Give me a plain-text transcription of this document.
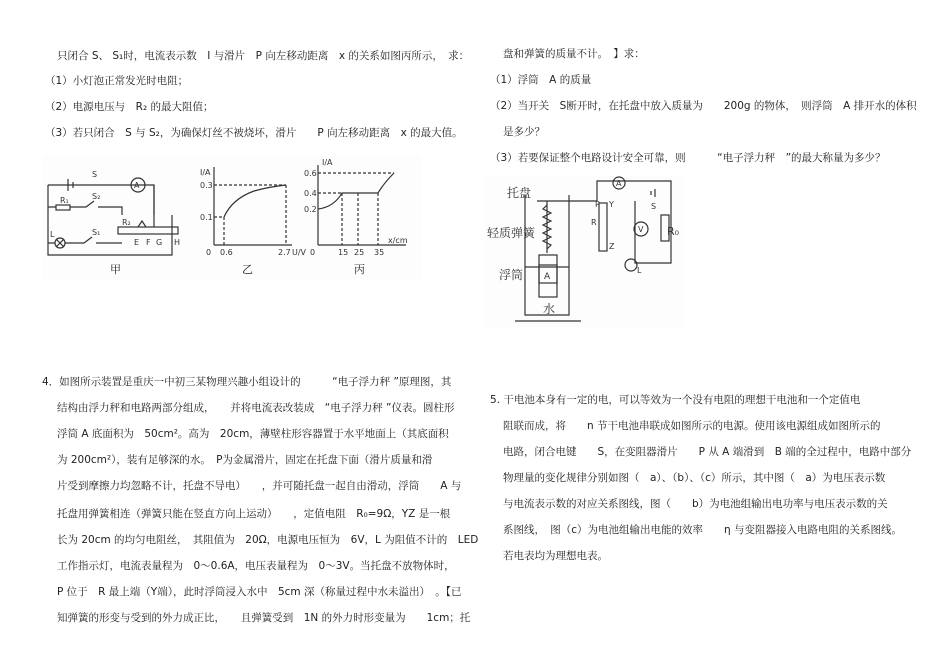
只闭合 S、 S₁时，电流表示数　I 与滑片　P 向左移动距离　x 的关系如图丙所示，　求：
（1）小灯泡正常发光时电阻；
（2）电源电压与　R₂ 的最大阻值；
（3）若只闭合　S 与 S₂，为确保灯丝不被烧坏，滑片　　P 向左移动距离　x 的最大值。
S
A
R₁	S₂
L	S₁
R₂
E F G H
甲
I/A
U/V
0.3
0.1
0 0.6	2.7
乙
I/A
x/cm
0.6
0.4
0.2
0	15 25 35
丙
4．如图所示装置是重庆一中初三某物理兴趣小组设计的　　　“电子浮力秤 ”原理图，其
结构由浮力秤和电路两部分组成，　　并将电流表改装成　“电子浮力秤 ”仪表。圆柱形
浮筒 A 底面积为　50cm²。高为　20cm，薄壁柱形容器置于水平地面上（其底面积
为 200cm²），装有足够深的水。　P为金属滑片，固定在托盘下面（滑片质量和滑
片受到摩擦力均忽略不计，托盘不导电）　　，并可随托盘一起自由滑动，浮筒　　A 与
托盘用弹簧相连（弹簧只能在竖直方向上运动）　　，定值电阻　R₀=9Ω，YZ 是一根
长为 20cm 的均匀电阻丝，　其阻值为　20Ω，电源电压恒为　6V，L 为阻值不计的　LED
工作指示灯，电流表量程为　0～0.6A，电压表量程为　0～3V。当托盘不放物体时，
P 位于　R 最上端（Y端），此时浮筒浸入水中　5cm 深（称量过程中水未溢出）　。【已
知弹簧的形变与受到的外力成正比，　　且弹簧受到　1N 的外力时形变量为　　1cm；托
盘和弹簧的质量不计。　】求：
（1）浮筒　A 的质量
（2）当开关　S断开时，在托盘中放入质量为　　200g 的物体，　则浮筒　A 排开水的体积
是多少？
（3）若要保证整个电路设计安全可靠，则　　　“电子浮力秤　”的最大称量为多少？
托盘
轻质弹簧
浮筒
水
A
R₀
R
Y
Z
P	S
L
V
A
5. 干电池本身有一定的电，可以等效为一个没有电阻的理想干电池和一个定值电
阻联而成，将　　n 节干电池串联成如图所示的电源。使用该电源组成如图所示的
电路，闭合电键　　S，在变阻器滑片　　P 从 A 端滑到　B 端的全过程中，电路中部分
物理量的变化规律分别如图（　a）、（b）、（c）所示，其中图（　a）为电压表示数
与电流表示数的对应关系图线，图（　　b）为电池组输出电功率与电压表示数的关
系图线，　图（c）为电池组输出电能的效率　　η 与变阻器接入电路电阻的关系图线。
若电表均为理想电表。
